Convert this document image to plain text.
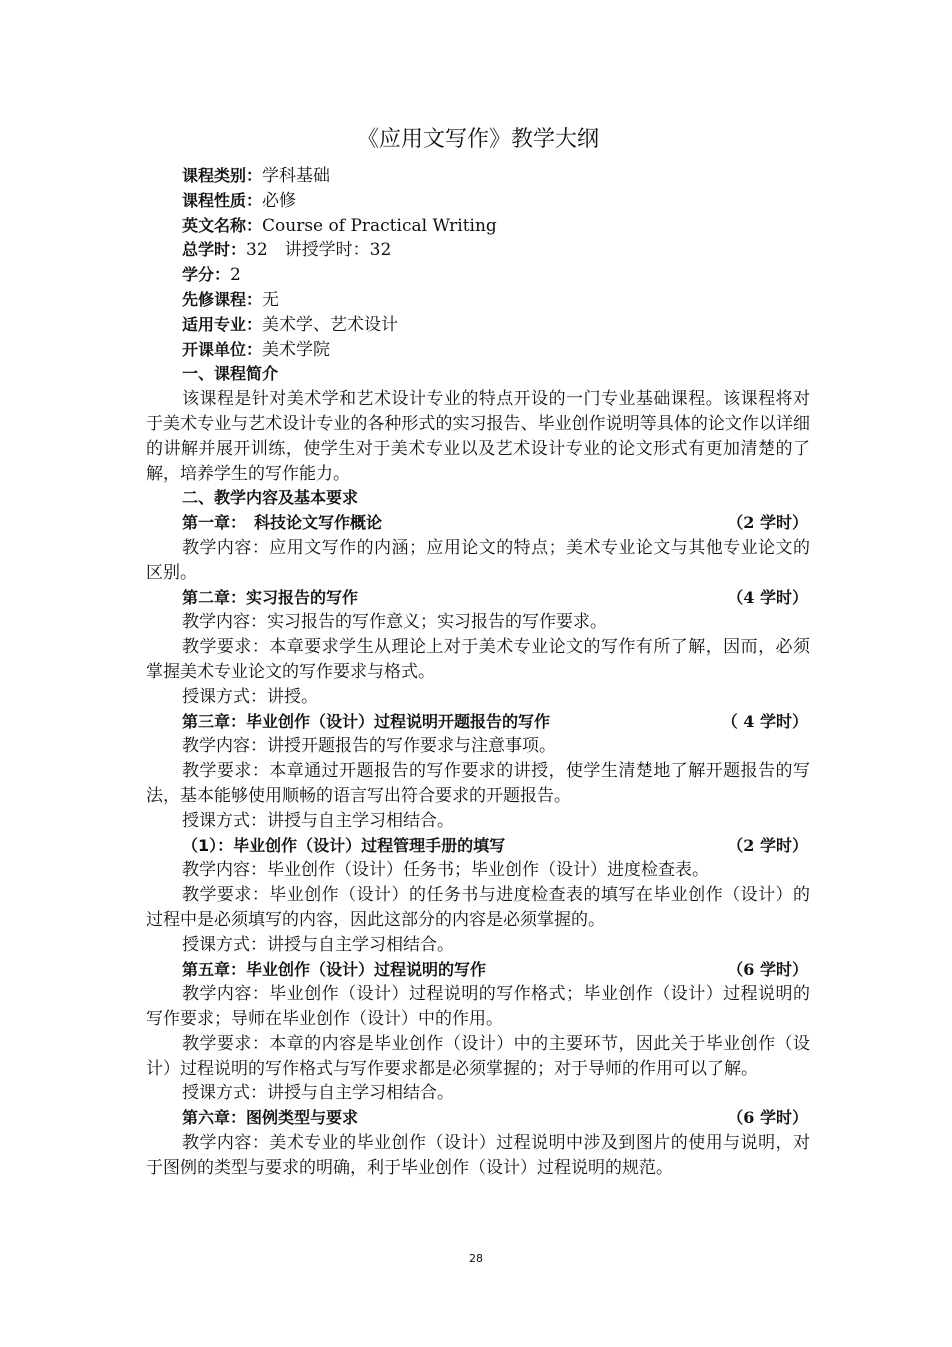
《应用文写作》教学大纲
课程类别：学科基础
课程性质：必修
英文名称：Course of Practical Writing
总学时：32　讲授学时：32
学分：2
先修课程：无
适用专业：美术学、艺术设计
开课单位：美术学院
一、课程简介

该课程是针对美术学和艺术设计专业的特点开设的一门专业基础课程。该课程将对于美术专业与艺术设计专业的各种形式的实习报告、毕业创作说明等具体的论文作以详细的讲解并展开训练，使学生对于美术专业以及艺术设计专业的论文形式有更加清楚的了解，培养学生的写作能力。

二、教学内容及基本要求
第一章：　科技论文写作概论	（2 学时）

教学内容：应用文写作的内涵；应用论文的特点；美术专业论文与其他专业论文的区别。

第二章：实习报告的写作	（4 学时）

教学内容：实习报告的写作意义；实习报告的写作要求。

教学要求：本章要求学生从理论上对于美术专业论文的写作有所了解，因而，必须掌握美术专业论文的写作要求与格式。

授课方式：讲授。

第三章：毕业创作（设计）过程说明开题报告的写作	（ 4 学时）

教学内容：讲授开题报告的写作要求与注意事项。

教学要求：本章通过开题报告的写作要求的讲授，使学生清楚地了解开题报告的写法，基本能够使用顺畅的语言写出符合要求的开题报告。

授课方式：讲授与自主学习相结合。

（1）：毕业创作（设计）过程管理手册的填写	（2 学时）

教学内容：毕业创作（设计）任务书；毕业创作（设计）进度检查表。

教学要求：毕业创作（设计）的任务书与进度检查表的填写在毕业创作（设计）的过程中是必须填写的内容，因此这部分的内容是必须掌握的。

授课方式：讲授与自主学习相结合。

第五章：毕业创作（设计）过程说明的写作	（6 学时）

教学内容：毕业创作（设计）过程说明的写作格式；毕业创作（设计）过程说明的写作要求；导师在毕业创作（设计）中的作用。

教学要求：本章的内容是毕业创作（设计）中的主要环节，因此关于毕业创作（设计）过程说明的写作格式与写作要求都是必须掌握的；对于导师的作用可以了解。

授课方式：讲授与自主学习相结合。

第六章：图例类型与要求	（6 学时）

教学内容：美术专业的毕业创作（设计）过程说明中涉及到图片的使用与说明，对于图例的类型与要求的明确，利于毕业创作（设计）过程说明的规范。

28
